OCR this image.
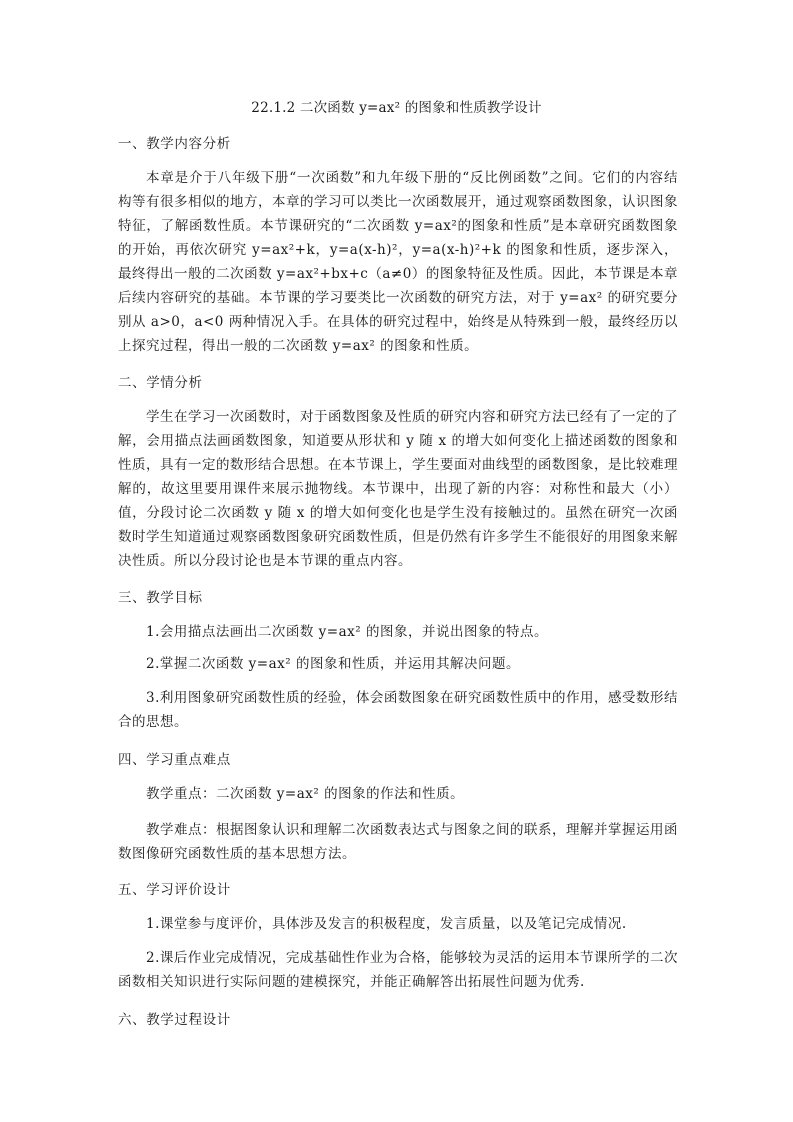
22.1.2 二次函数 y=ax² 的图象和性质教学设计
一、教学内容分析

本章是介于八年级下册“一次函数”和九年级下册的“反比例函数”之间。它们的内容结构等有很多相似的地方，本章的学习可以类比一次函数展开，通过观察函数图象，认识图象特征，了解函数性质。本节课研究的“二次函数 y=ax²的图象和性质”是本章研究函数图象的开始，再依次研究 y=ax²+k，y=a(x-h)²，y=a(x-h)²+k 的图象和性质，逐步深入，最终得出一般的二次函数 y=ax²+bx+c（a≠0）的图象特征及性质。因此，本节课是本章后续内容研究的基础。本节课的学习要类比一次函数的研究方法，对于 y=ax² 的研究要分别从 a>0，a<0 两种情况入手。在具体的研究过程中，始终是从特殊到一般，最终经历以上探究过程，得出一般的二次函数 y=ax² 的图象和性质。

二、学情分析

学生在学习一次函数时，对于函数图象及性质的研究内容和研究方法已经有了一定的了解，会用描点法画函数图象，知道要从形状和 y 随 x 的增大如何变化上描述函数的图象和性质，具有一定的数形结合思想。在本节课上，学生要面对曲线型的函数图象，是比较难理解的，故这里要用课件来展示抛物线。本节课中，出现了新的内容：对称性和最大（小）值，分段讨论二次函数 y 随 x 的增大如何变化也是学生没有接触过的。虽然在研究一次函数时学生知道通过观察函数图象研究函数性质，但是仍然有许多学生不能很好的用图象来解决性质。所以分段讨论也是本节课的重点内容。

三、教学目标

1.会用描点法画出二次函数 y=ax² 的图象，并说出图象的特点。

2.掌握二次函数 y=ax² 的图象和性质，并运用其解决问题。

3.利用图象研究函数性质的经验，体会函数图象在研究函数性质中的作用，感受数形结合的思想。

四、学习重点难点

教学重点：二次函数 y=ax² 的图象的作法和性质。

教学难点：根据图象认识和理解二次函数表达式与图象之间的联系，理解并掌握运用函数图像研究函数性质的基本思想方法。

五、学习评价设计

1.课堂参与度评价，具体涉及发言的积极程度，发言质量，以及笔记完成情况.

2.课后作业完成情况，完成基础性作业为合格，能够较为灵活的运用本节课所学的二次函数相关知识进行实际问题的建模探究，并能正确解答出拓展性问题为优秀.

六、教学过程设计
